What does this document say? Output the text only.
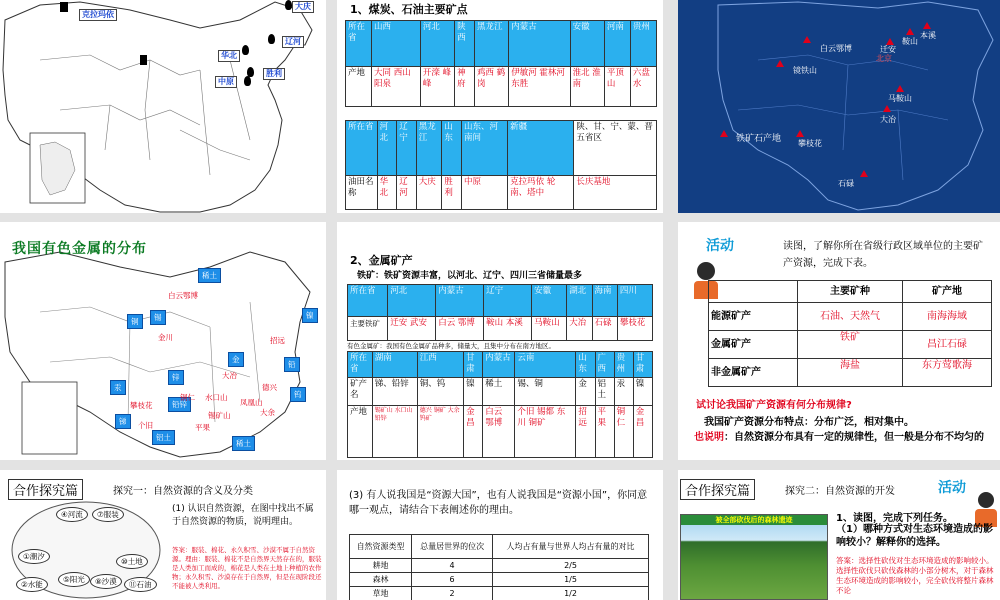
克拉玛依
大庆
辽河
华北
胜利
中原
1、煤炭、石油主要矿点
所在省	山西	河北	陕西	黑龙江	内蒙古	安徽	河南	贵州
产地	大同 西山 阳泉	开滦 峰峰	神府	鸡西 鹤岗	伊敏河 霍林河 东胜	淮北 淮南	平顶山	六盘水
所在省	河北	辽宁	黑龙江	山东	山东、河南间	新疆	陕、甘、宁、蒙、晋五省区
油田名称	华北	辽河	大庆	胜利	中原	克拉玛依 轮南、塔中	长庆基地
白云鄂博	迁安
北京
鞍山
本溪
镜铁山
马鞍山
大冶
攀枝花
石碌
铁矿石产地
我国有色金属的分布
稀土
铜	锡	镍
金
铅
锌
汞
钨
铅锌
锑
铝土
稀土
白云鄂博
金川	招远
德兴
铜仁
攀枝花
个旧
大冶
水口山
大余
平果
凤凰山
锡矿山
2、金属矿产
铁矿：铁矿资源丰富，以河北、辽宁、四川三省储量最多
所在省	河北	内蒙古	辽宁	安徽	湖北	海南	四川
主要铁矿	迁安 武安	白云 鄂博	鞍山 本溪	马鞍山	大冶	石碌	攀枝花
有色金属矿：我国有色金属矿品种多，储量大，且集中分布在南方地区。
所在省	湖南	江西	甘肃	内蒙古	云南	山东	广西	贵州	甘肃
矿产名	锑、铅锌	铜、钨	镍	稀土	锡、铜	金	铝土	汞	镍
产地	锡矿山 水口山 铅锌	德兴 铜矿 大余 钨矿	金昌	白云 鄂博	个旧 锡都 东川 铜矿	招远	平果	铜仁	金昌
活动	读图，了解你所在省级行政区域单位的主要矿产资源，完成下表。
	主要矿种	矿产地
能源矿产	石油、天然气	南海海域
金属矿产	铁矿	昌江石碌
非金属矿产	海盐	东方莺歌海
试讨论我国矿产资源有何分布规律?
我国矿产资源分布特点：分布广泛，相对集中。
也说明：自然资源分布具有一定的规律性，但一般是分布不均匀的
合作探究篇	探究一：自然资源的含义及分类
(1) 认识自然资源，在图中找出不属于自然资源的物质，说明理由。
答案：服装、棉花、永久积雪、沙漠不属于自然资源。理由：服装、棉花不是自然界天然存在的，服装是人类加工而成的，棉花是人类在土地上种植的农作物；永久积雪、沙漠存在于自然界，但是在现阶段还不能被人类利用。
④河流	⑦服装
①潮汐
⑩土地
②水能
⑤阳光	⑧沙漠	⑪石油
(3) 有人说我国是“资源大国”，也有人说我国是“资源小国”，你同意哪一观点，请结合下表阐述你的理由。
自然资源类型	总量居世界的位次	人均占有量与世界人均占有量的对比
耕地	4	2/5
森林	6	1/5
草地	2	1/2
合作探究篇	探究二：自然资源的开发	活动
被全部砍伐后的森林遗迹	1、读图，完成下列任务。
（1）哪种方式对生态环境造成的影响较小？解释你的选择。
答案：选择性砍伐对生态环境造成的影响较小。选择性砍伐只砍伐森林的小部分树木，对于森林生态环境造成的影响较小，完全砍伐将整片森林不论
